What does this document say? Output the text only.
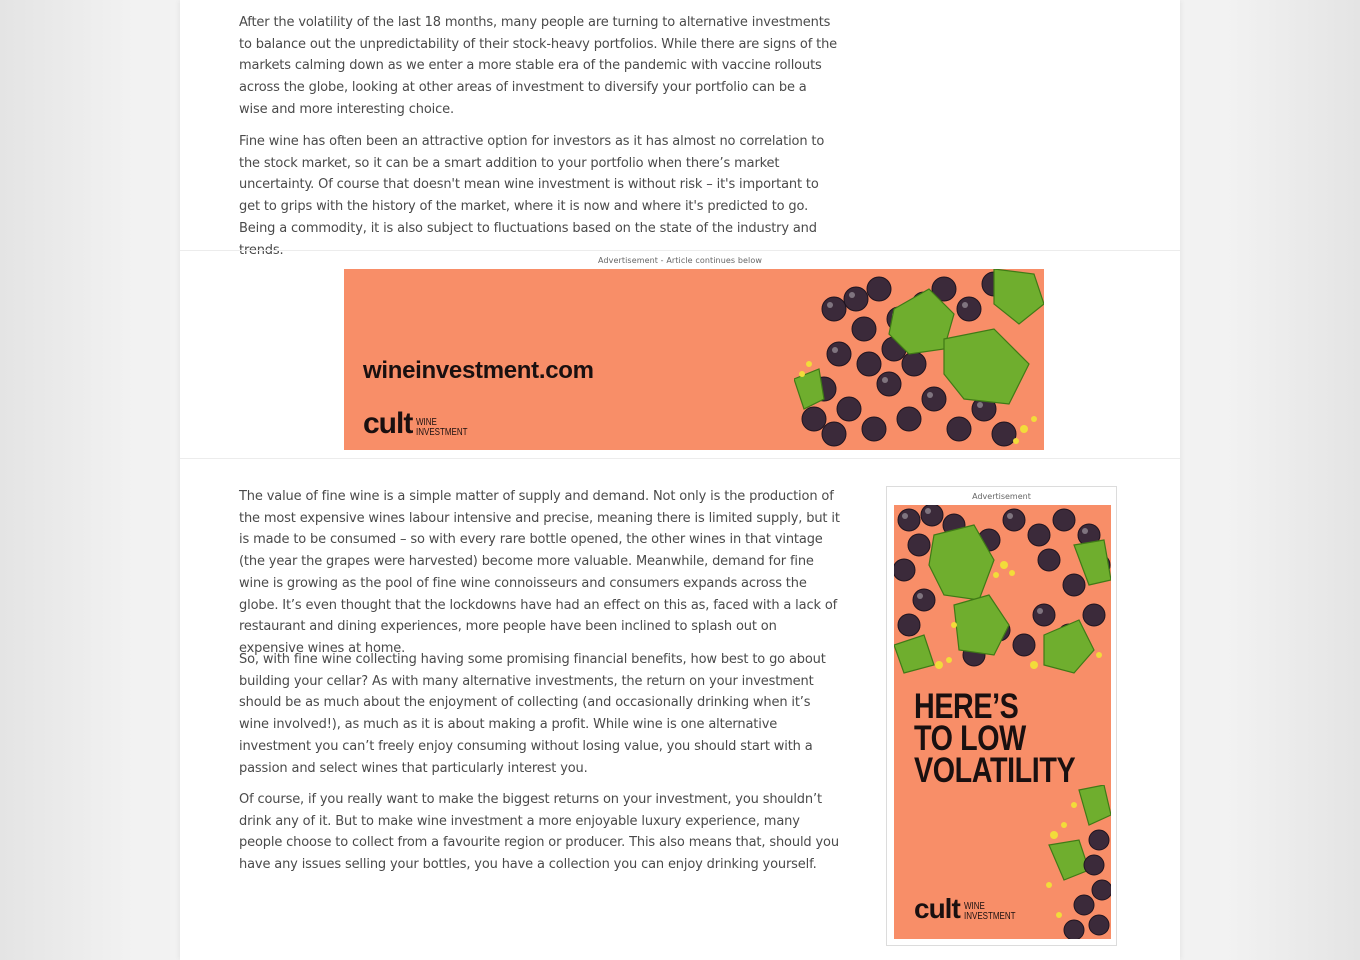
After the volatility of the last 18 months, many people are turning to alternative investments to balance out the unpredictability of their stock-heavy portfolios. While there are signs of the markets calming down as we enter a more stable era of the pandemic with vaccine rollouts across the globe, looking at other areas of investment to diversify your portfolio can be a wise and more interesting choice.

Fine wine has often been an attractive option for investors as it has almost no correlation to the stock market, so it can be a smart addition to your portfolio when there’s market uncertainty. Of course that doesn't mean wine investment is without risk – it's important to get to grips with the history of the market, where it is now and where it's predicted to go. Being a commodity, it is also subject to fluctuations based on the state of the industry and trends.

Advertisement - Article continues below
wineinvestment.com
cult WINE
INVESTMENT

The value of fine wine is a simple matter of supply and demand. Not only is the production of the most expensive wines labour intensive and precise, meaning there is limited supply, but it is made to be consumed – so with every rare bottle opened, the other wines in that vintage (the year the grapes were harvested) become more valuable. Meanwhile, demand for fine wine is growing as the pool of fine wine connoisseurs and consumers expands across the globe. It’s even thought that the lockdowns have had an effect on this as, faced with a lack of restaurant and dining experiences, more people have been inclined to splash out on expensive wines at home.

So, with fine wine collecting having some promising financial benefits, how best to go about building your cellar? As with many alternative investments, the return on your investment should be as much about the enjoyment of collecting (and occasionally drinking when it’s wine involved!), as much as it is about making a profit. While wine is one alternative investment you can’t freely enjoy consuming without losing value, you should start with a passion and select wines that particularly interest you.

Of course, if you really want to make the biggest returns on your investment, you shouldn’t drink any of it. But to make wine investment a more enjoyable luxury experience, many people choose to collect from a favourite region or producer. This also means that, should you have any issues selling your bottles, you have a collection you can enjoy drinking yourself.

Advertisement
HERE’S
TO LOW
VOLATILITY
cult WINE
INVESTMENT
